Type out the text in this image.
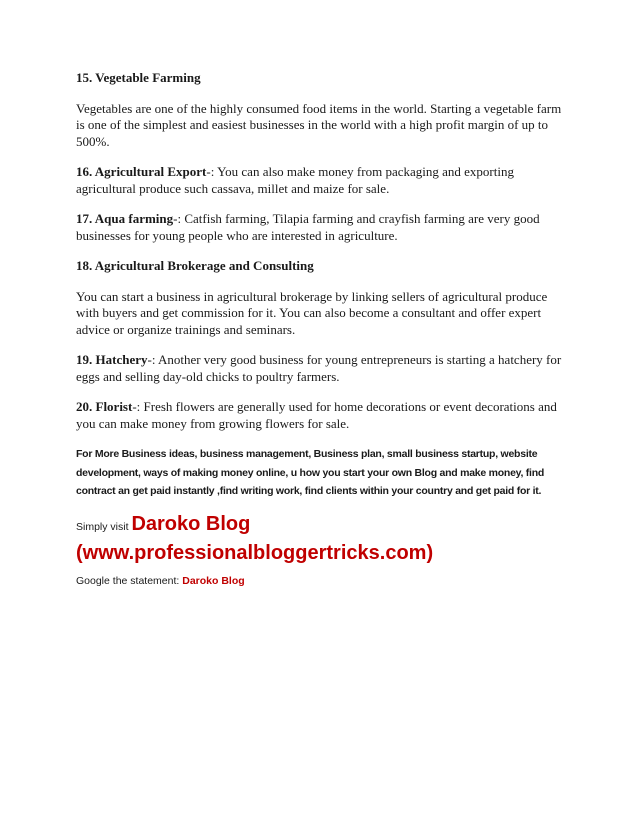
15. Vegetable Farming

Vegetables are one of the highly consumed food items in the world. Starting a vegetable farm is one of the simplest and easiest businesses in the world with a high profit margin of up to 500%.

16. Agricultural Export-: You can also make money from packaging and exporting agricultural produce such cassava, millet and maize for sale.

17. Aqua farming-: Catfish farming, Tilapia farming and crayfish farming are very good businesses for young people who are interested in agriculture.

18. Agricultural Brokerage and Consulting

You can start a business in agricultural brokerage by linking sellers of agricultural produce with buyers and get commission for it. You can also become a consultant and offer expert advice or organize trainings and seminars.

19. Hatchery-: Another very good business for young entrepreneurs is starting a hatchery for eggs and selling day-old chicks to poultry farmers.

20. Florist-: Fresh flowers are generally used for home decorations or event decorations and you can make money from growing flowers for sale.

For More Business ideas, business management, Business plan, small business startup, website development, ways of making money online, u how you start your own Blog and make money, find contract an get paid instantly ,find writing work, find clients within your country and get paid for it.

Simply visit Daroko Blog

(www.professionalbloggertricks.com)

Google the statement: Daroko Blog
